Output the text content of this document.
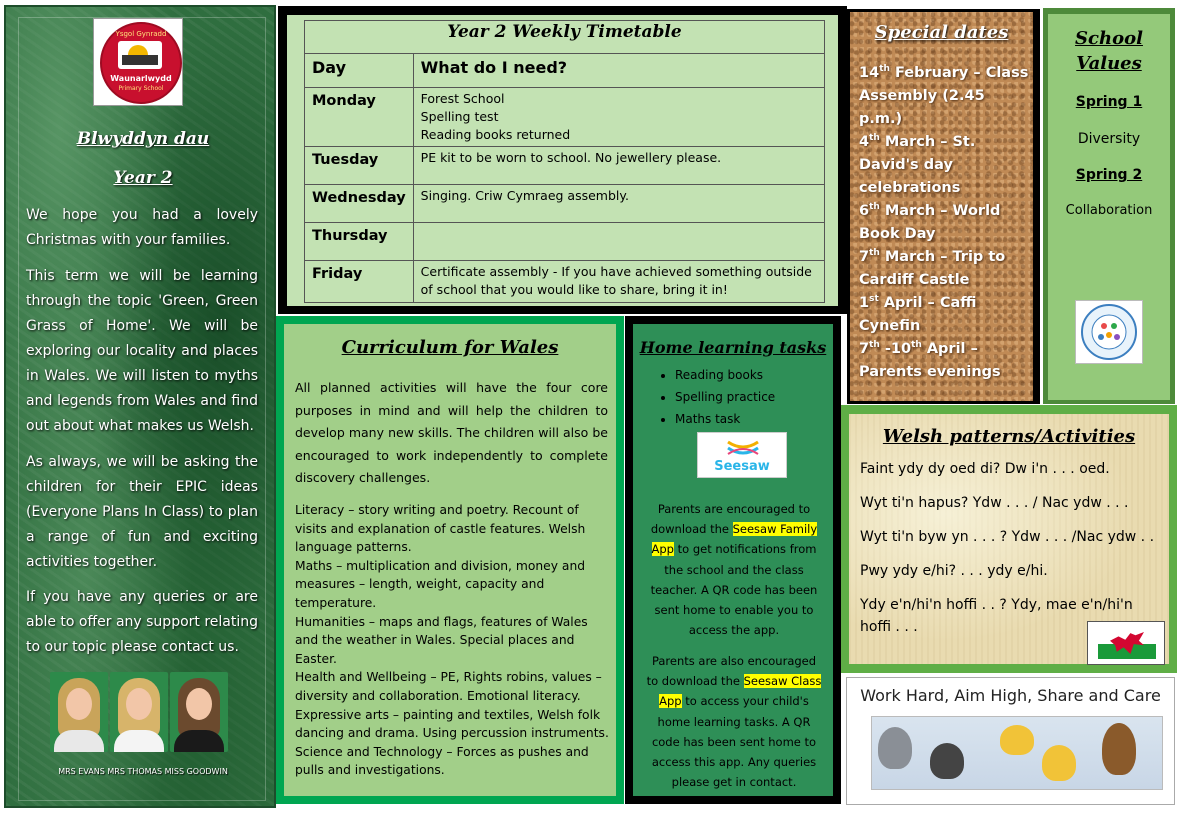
Ysgol Gynradd
Waunarlwydd
Primary School
Blwyddyn dau
Year 2
We hope you had a lovely Christmas with your families.
This term we will be learning through the topic 'Green, Green Grass of Home'. We will be exploring our locality and places in Wales. We will listen to myths and legends from Wales and find out about what makes us Welsh.
As always, we will be asking the children for their EPIC ideas (Everyone Plans In Class) to plan a range of fun and exciting activities together.
If you have any queries or are able to offer any support relating to our topic please contact us.
MRS EVANS MRS THOMAS MISS GOODWIN
Year 2 Weekly Timetable	
Day	What do I need?
Monday	Forest School
Spelling test
Reading books returned

Tuesday	PE kit to be worn to school. No jewellery please.
Wednesday	Singing. Criw Cymraeg assembly.
Thursday	
Friday	Certificate assembly - If you have achieved something outside of school that you would like to share, bring it in!
Special dates
14th February – Class Assembly (2.45 p.m.)
4th March – St. David's day celebrations
6th March – World Book Day
7th March – Trip to Cardiff Castle
1st April – Caffi Cynefin
7th -10th April – Parents evenings
School
Values
Spring 1
Diversity
Spring 2
Collaboration
Curriculum for Wales
All planned activities will have the four core purposes in mind and will help the children to develop many new skills. The children will also be encouraged to work independently to complete discovery challenges.
Literacy – story writing and poetry. Recount of visits and explanation of castle features. Welsh language patterns.
Maths – multiplication and division, money and measures – length, weight, capacity and temperature.
Humanities – maps and flags, features of Wales and the weather in Wales. Special places and Easter.
Health and Wellbeing – PE, Rights robins, values – diversity and collaboration. Emotional literacy.
Expressive arts – painting and textiles, Welsh folk dancing and drama. Using percussion instruments.
Science and Technology – Forces as pushes and pulls and investigations.
Home learning tasks
• Reading books
• Spelling practice
• Maths task
Parents are encouraged to download the Seesaw Family App to get notifications from the school and the class teacher. A QR code has been sent home to enable you to access the app.
Parents are also encouraged to download the Seesaw Class App to access your child's home learning tasks. A QR code has been sent home to access this app. Any queries please get in contact.
Seesaw
Welsh patterns/Activities
Faint ydy dy oed di? Dw i'n . . . oed.
Wyt ti'n hapus? Ydw . . . / Nac ydw . . .
Wyt ti'n byw yn . . . ? Ydw . . . /Nac ydw . .
Pwy ydy e/hi? . . . ydy e/hi.
Ydy e'n/hi'n hoffi . . ? Ydy, mae e'n/hi'n hoffi . . .
Work Hard, Aim High, Share and Care
